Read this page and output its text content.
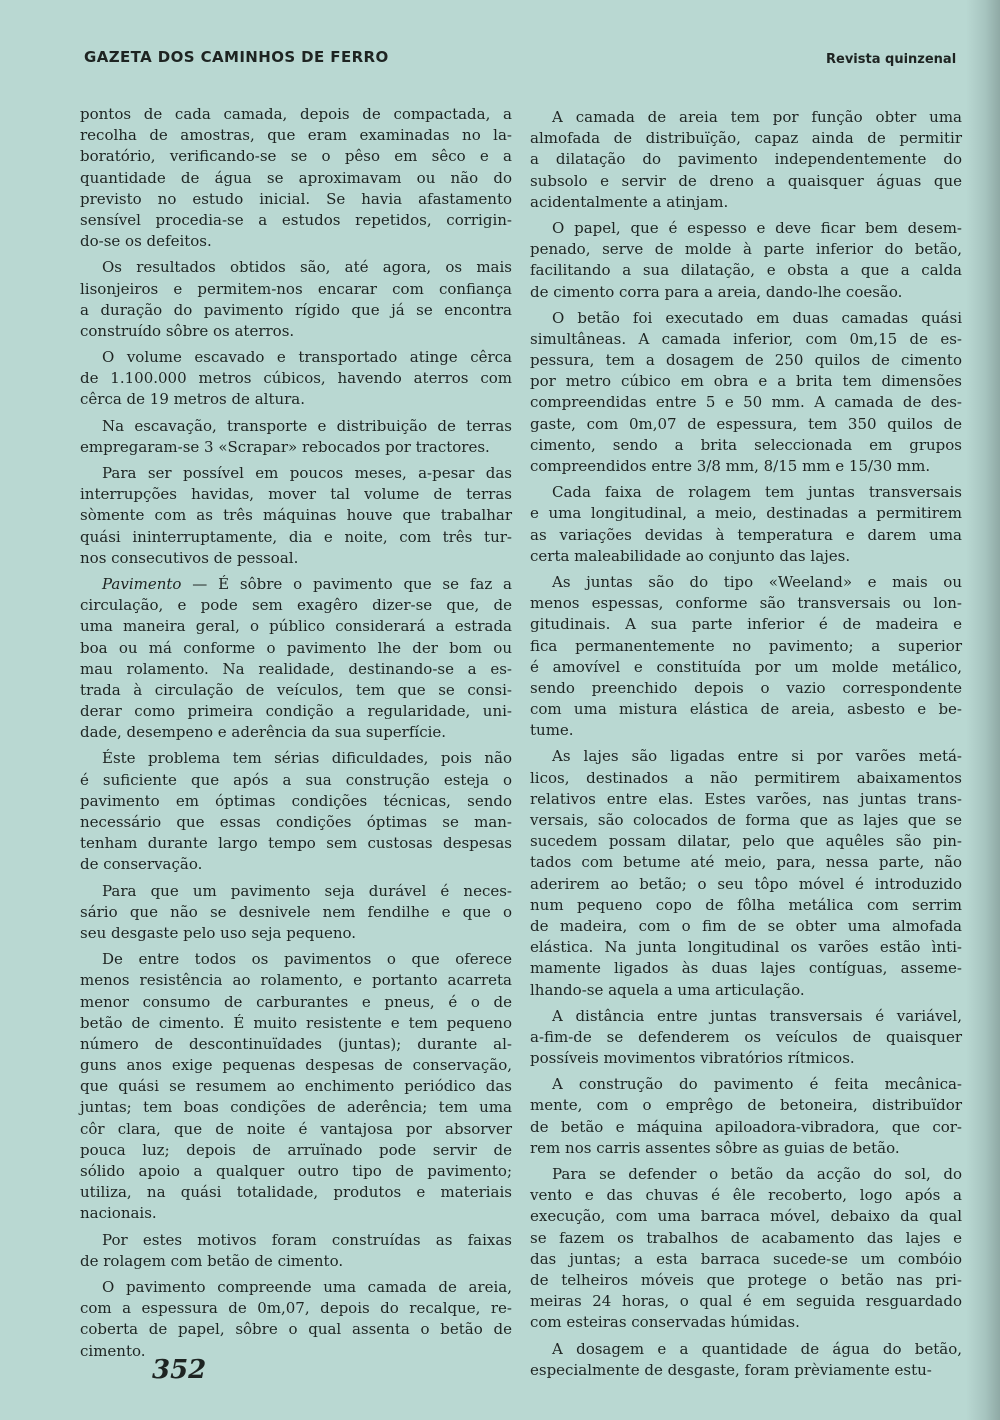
GAZETA DOS CAMINHOS DE FERRO	Revista quinzenal
pontos de cada camada, depois de compactada, a
recolha de amostras, que eram examinadas no la-
boratório, verificando-se se o pêso em sêco e a
quantidade de água se aproximavam ou não do
previsto no estudo inicial. Se havia afastamento
sensível procedia-se a estudos repetidos, corrigin-
do-se os defeitos.
Os resultados obtidos são, até agora, os mais
lisonjeiros e permitem-nos encarar com confiança
a duração do pavimento rígido que já se encontra
construído sôbre os aterros.
O volume escavado e transportado atinge cêrca
de 1.100.000 metros cúbicos, havendo aterros com
cêrca de 19 metros de altura.
Na escavação, transporte e distribuição de terras
empregaram-se 3 «Scrapar» rebocados por tractores.
Para ser possível em poucos meses, a-pesar das
interrupções havidas, mover tal volume de terras
sòmente com as três máquinas houve que trabalhar
quási ininterruptamente, dia e noite, com três tur-
nos consecutivos de pessoal.
Pavimento — É sôbre o pavimento que se faz a
circulação, e pode sem exagêro dizer-se que, de
uma maneira geral, o público considerará a estrada
boa ou má conforme o pavimento lhe der bom ou
mau rolamento. Na realidade, destinando-se a es-
trada à circulação de veículos, tem que se consi-
derar como primeira condição a regularidade, uni-
dade, desempeno e aderência da sua superfície.
Éste problema tem sérias dificuldades, pois não
é suficiente que após a sua construção esteja o
pavimento em óptimas condições técnicas, sendo
necessário que essas condições óptimas se man-
tenham durante largo tempo sem custosas despesas
de conservação.
Para que um pavimento seja durável é neces-
sário que não se desnivele nem fendilhe e que o
seu desgaste pelo uso seja pequeno.
De entre todos os pavimentos o que oferece
menos resistência ao rolamento, e portanto acarreta
menor consumo de carburantes e pneus, é o de
betão de cimento. É muito resistente e tem pequeno
número de descontinuïdades (juntas); durante al-
guns anos exige pequenas despesas de conservação,
que quási se resumem ao enchimento periódico das
juntas; tem boas condições de aderência; tem uma
côr clara, que de noite é vantajosa por absorver
pouca luz; depois de arruïnado pode servir de
sólido apoio a qualquer outro tipo de pavimento;
utiliza, na quási totalidade, produtos e materiais
nacionais.
Por estes motivos foram construídas as faixas
de rolagem com betão de cimento.
O pavimento compreende uma camada de areia,
com a espessura de 0m,07, depois do recalque, re-
coberta de papel, sôbre o qual assenta o betão de
cimento.
A camada de areia tem por função obter uma
almofada de distribuïção, capaz ainda de permitir
a dilatação do pavimento independentemente do
subsolo e servir de dreno a quaisquer águas que
acidentalmente a atinjam.
O papel, que é espesso e deve ficar bem desem-
penado, serve de molde à parte inferior do betão,
facilitando a sua dilatação, e obsta a que a calda
de cimento corra para a areia, dando-lhe coesão.
O betão foi executado em duas camadas quási
simultâneas. A camada inferior, com 0m,15 de es-
pessura, tem a dosagem de 250 quilos de cimento
por metro cúbico em obra e a brita tem dimensões
compreendidas entre 5 e 50 mm. A camada de des-
gaste, com 0m,07 de espessura, tem 350 quilos de
cimento, sendo a brita seleccionada em grupos
compreendidos entre 3/8 mm, 8/15 mm e 15/30 mm.
Cada faixa de rolagem tem juntas transversais
e uma longitudinal, a meio, destinadas a permitirem
as variações devidas à temperatura e darem uma
certa maleabilidade ao conjunto das lajes.
As juntas são do tipo «Weeland» e mais ou
menos espessas, conforme são transversais ou lon-
gitudinais. A sua parte inferior é de madeira e
fica permanentemente no pavimento; a superior
é amovível e constituída por um molde metálico,
sendo preenchido depois o vazio correspondente
com uma mistura elástica de areia, asbesto e be-
tume.
As lajes são ligadas entre si por varões metá-
licos, destinados a não permitirem abaixamentos
relativos entre elas. Estes varões, nas juntas trans-
versais, são colocados de forma que as lajes que se
sucedem possam dilatar, pelo que aquêles são pin-
tados com betume até meio, para, nessa parte, não
aderirem ao betão; o seu tôpo móvel é introduzido
num pequeno copo de fôlha metálica com serrim
de madeira, com o fim de se obter uma almofada
elástica. Na junta longitudinal os varões estão ìnti-
mamente ligados às duas lajes contíguas, asseme-
lhando-se aquela a uma articulação.
A distância entre juntas transversais é variável,
a-fim-de se defenderem os veículos de quaisquer
possíveis movimentos vibratórios rítmicos.
A construção do pavimento é feita mecânica-
mente, com o emprêgo de betoneira, distribuïdor
de betão e máquina apiloadora-vibradora, que cor-
rem nos carris assentes sôbre as guias de betão.
Para se defender o betão da acção do sol, do
vento e das chuvas é êle recoberto, logo após a
execução, com uma barraca móvel, debaixo da qual
se fazem os trabalhos de acabamento das lajes e
das juntas; a esta barraca sucede-se um combóio
de telheiros móveis que protege o betão nas pri-
meiras 24 horas, o qual é em seguida resguardado
com esteiras conservadas húmidas.
A dosagem e a quantidade de água do betão,
especialmente de desgaste, foram prèviamente estu-
352
